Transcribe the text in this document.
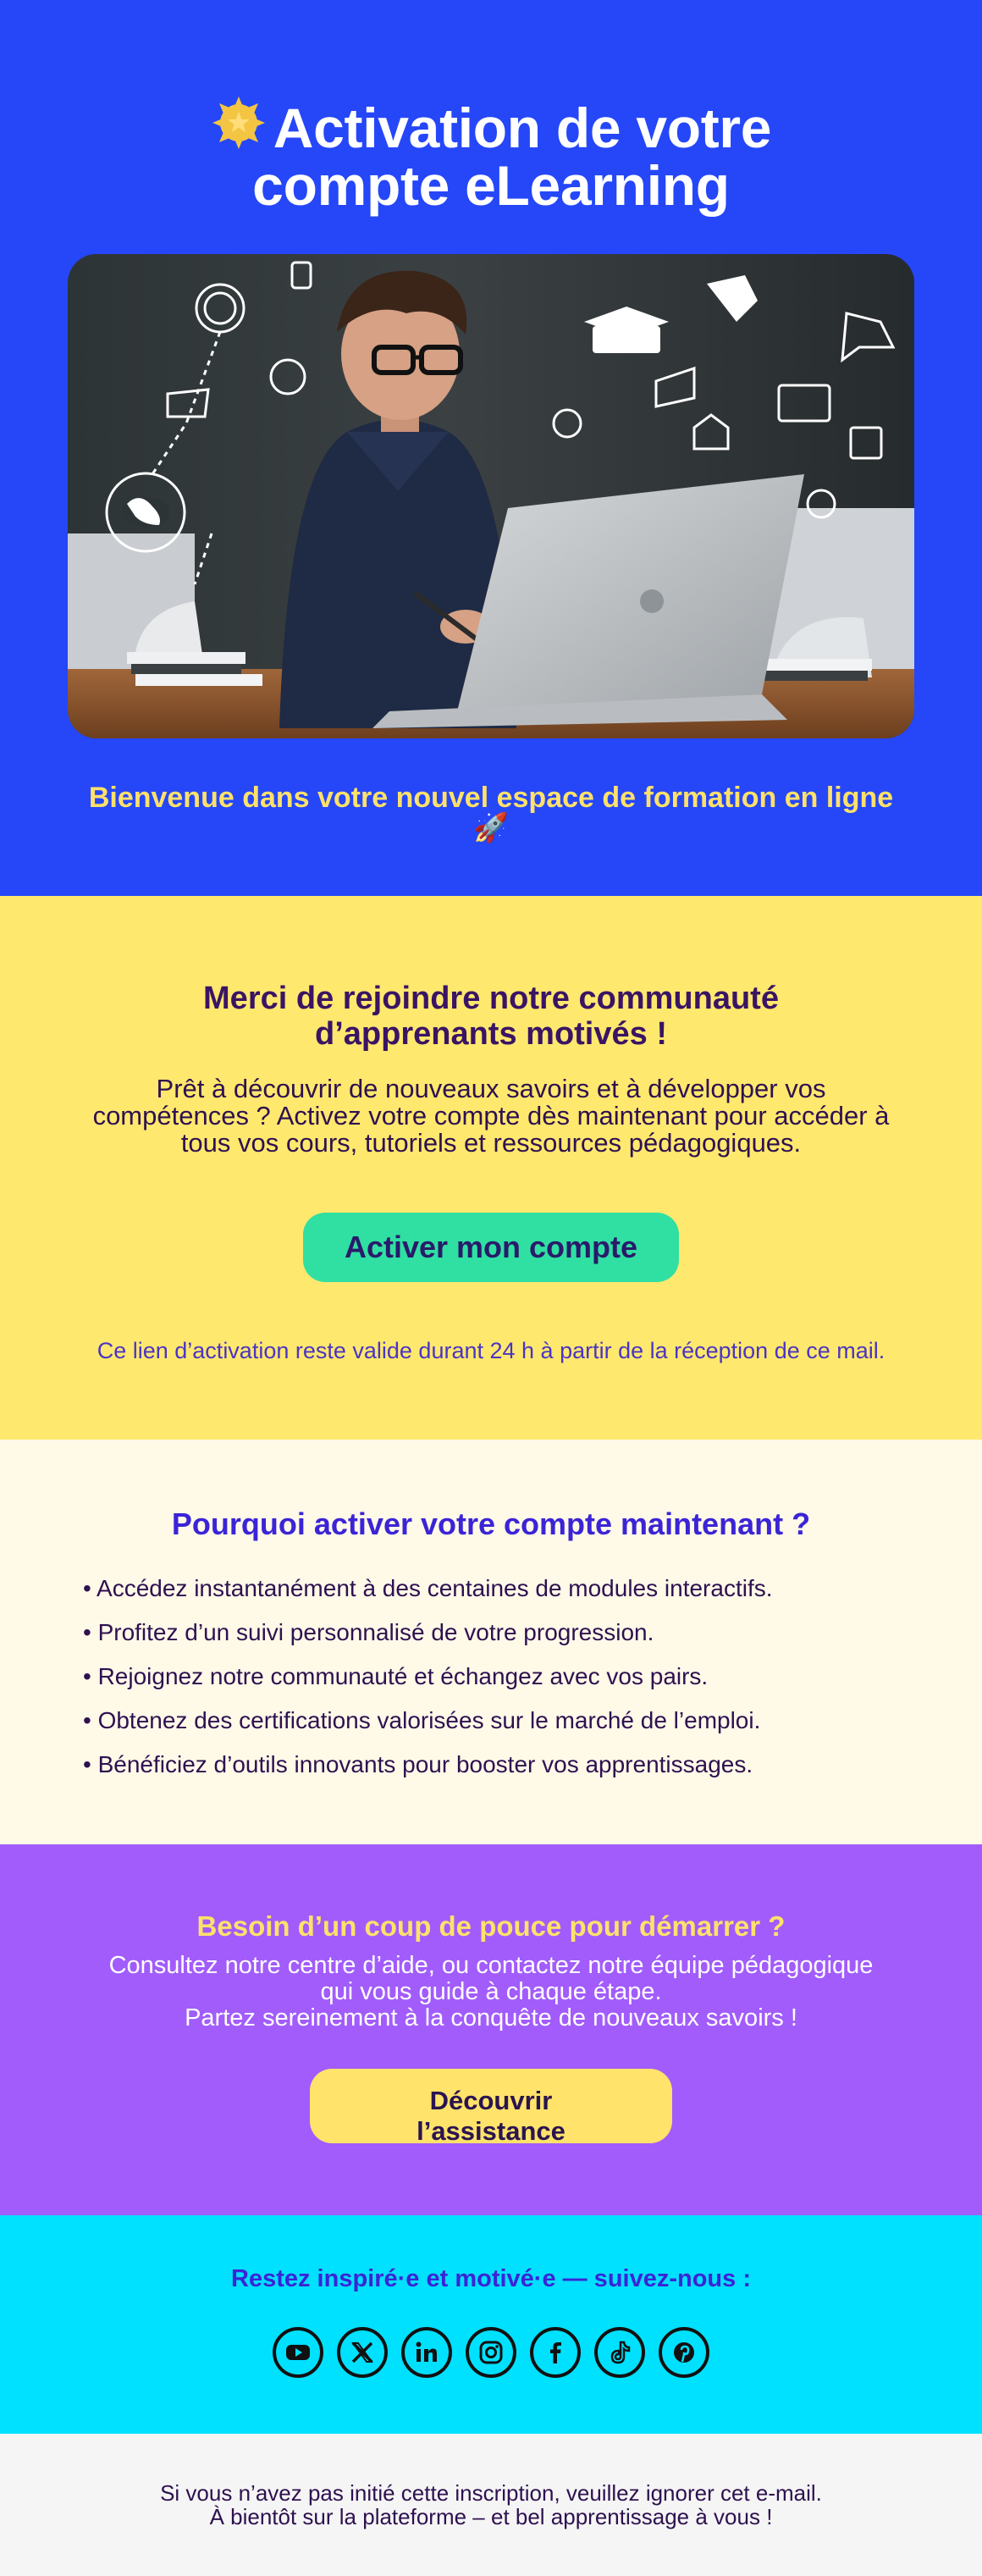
Activation de votre
compte eLearning

Bienvenue dans votre nouvel espace de formation en ligne 🚀

Merci de rejoindre notre communauté
d’apprenants motivés !

Prêt à découvrir de nouveaux savoirs et à développer vos
compétences ? Activez votre compte dès maintenant pour accéder à
tous vos cours, tutoriels et ressources pédagogiques.

Activer mon compte

Ce lien d’activation reste valide durant 24 h à partir de la réception de ce mail.

Pourquoi activer votre compte maintenant ?
• Accédez instantanément à des centaines de modules interactifs.
• Profitez d’un suivi personnalisé de votre progression.
• Rejoignez notre communauté et échangez avec vos pairs.
• Obtenez des certifications valorisées sur le marché de l’emploi.
• Bénéficiez d’outils innovants pour booster vos apprentissages.
Besoin d’un coup de pouce pour démarrer ?

Consultez notre centre d’aide, ou contactez notre équipe pédagogique
qui vous guide à chaque étape.
Partez sereinement à la conquête de nouveaux savoirs !

Découvrir
l’assistance
Restez inspiré·e et motivé·e — suivez-nous :

Si vous n’avez pas initié cette inscription, veuillez ignorer cet e-mail.
À bientôt sur la plateforme – et bel apprentissage à vous !
